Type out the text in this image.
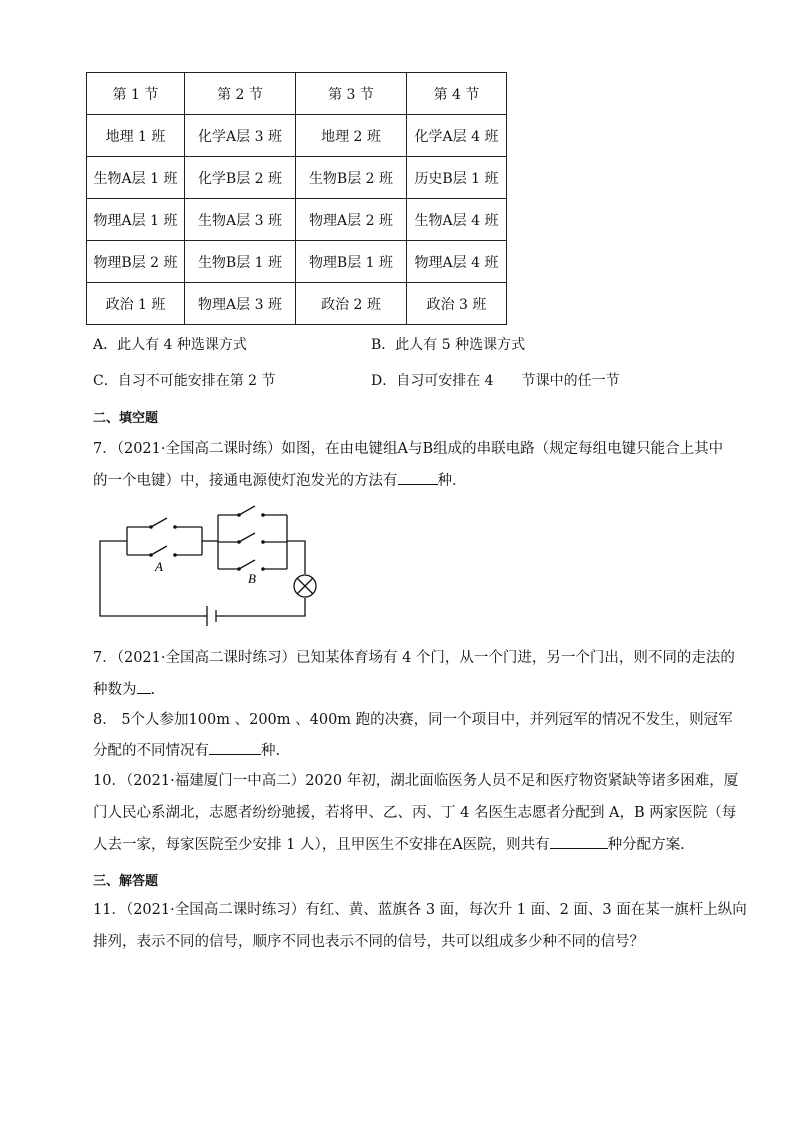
第 1 节	第 2 节	第 3 节	第 4 节
地理 1 班	化学A层 3 班	地理 2 班	化学A层 4 班
生物A层 1 班	化学B层 2 班	生物B层 2 班	历史B层 1 班
物理A层 1 班	生物A层 3 班	物理A层 2 班	生物A层 4 班
物理B层 2 班	生物B层 1 班	物理B层 1 班	物理A层 4 班
政治 1 班	物理A层 3 班	政治 2 班	政治 3 班
A．此人有 4 种选课方式	B．此人有 5 种选课方式
C．自习不可能安排在第 2 节	D．自习可安排在 4　　节课中的任一节
二、填空题
7．（2021·全国高二课时练）如图，在由电键组A与B组成的串联电路（规定每组电键只能合上其中
的一个电键）中，接通电源使灯泡发光的方法有	种．
A
B
7．（2021·全国高二课时练习）已知某体育场有 4 个门，从一个门进，另一个门出，则不同的走法的
种数为 .
8． 5个人参加100m 、200m 、400m 跑的决赛，同一个项目中，并列冠军的情况不发生，则冠军
分配的不同情况有	种.
10．（2021·福建厦门一中高二）2020 年初，湖北面临医务人员不足和医疗物资紧缺等诸多困难，厦
门人民心系湖北，志愿者纷纷驰援，若将甲、乙、丙、丁 4 名医生志愿者分配到 A，B 两家医院（每
人去一家，每家医院至少安排 1 人），且甲医生不安排在A医院，则共有	种分配方案.
三、解答题
11．（2021·全国高二课时练习）有红、黄、蓝旗各 3 面，每次升 1 面、2 面、3 面在某一旗杆上纵向
排列，表示不同的信号，顺序不同也表示不同的信号，共可以组成多少种不同的信号？
